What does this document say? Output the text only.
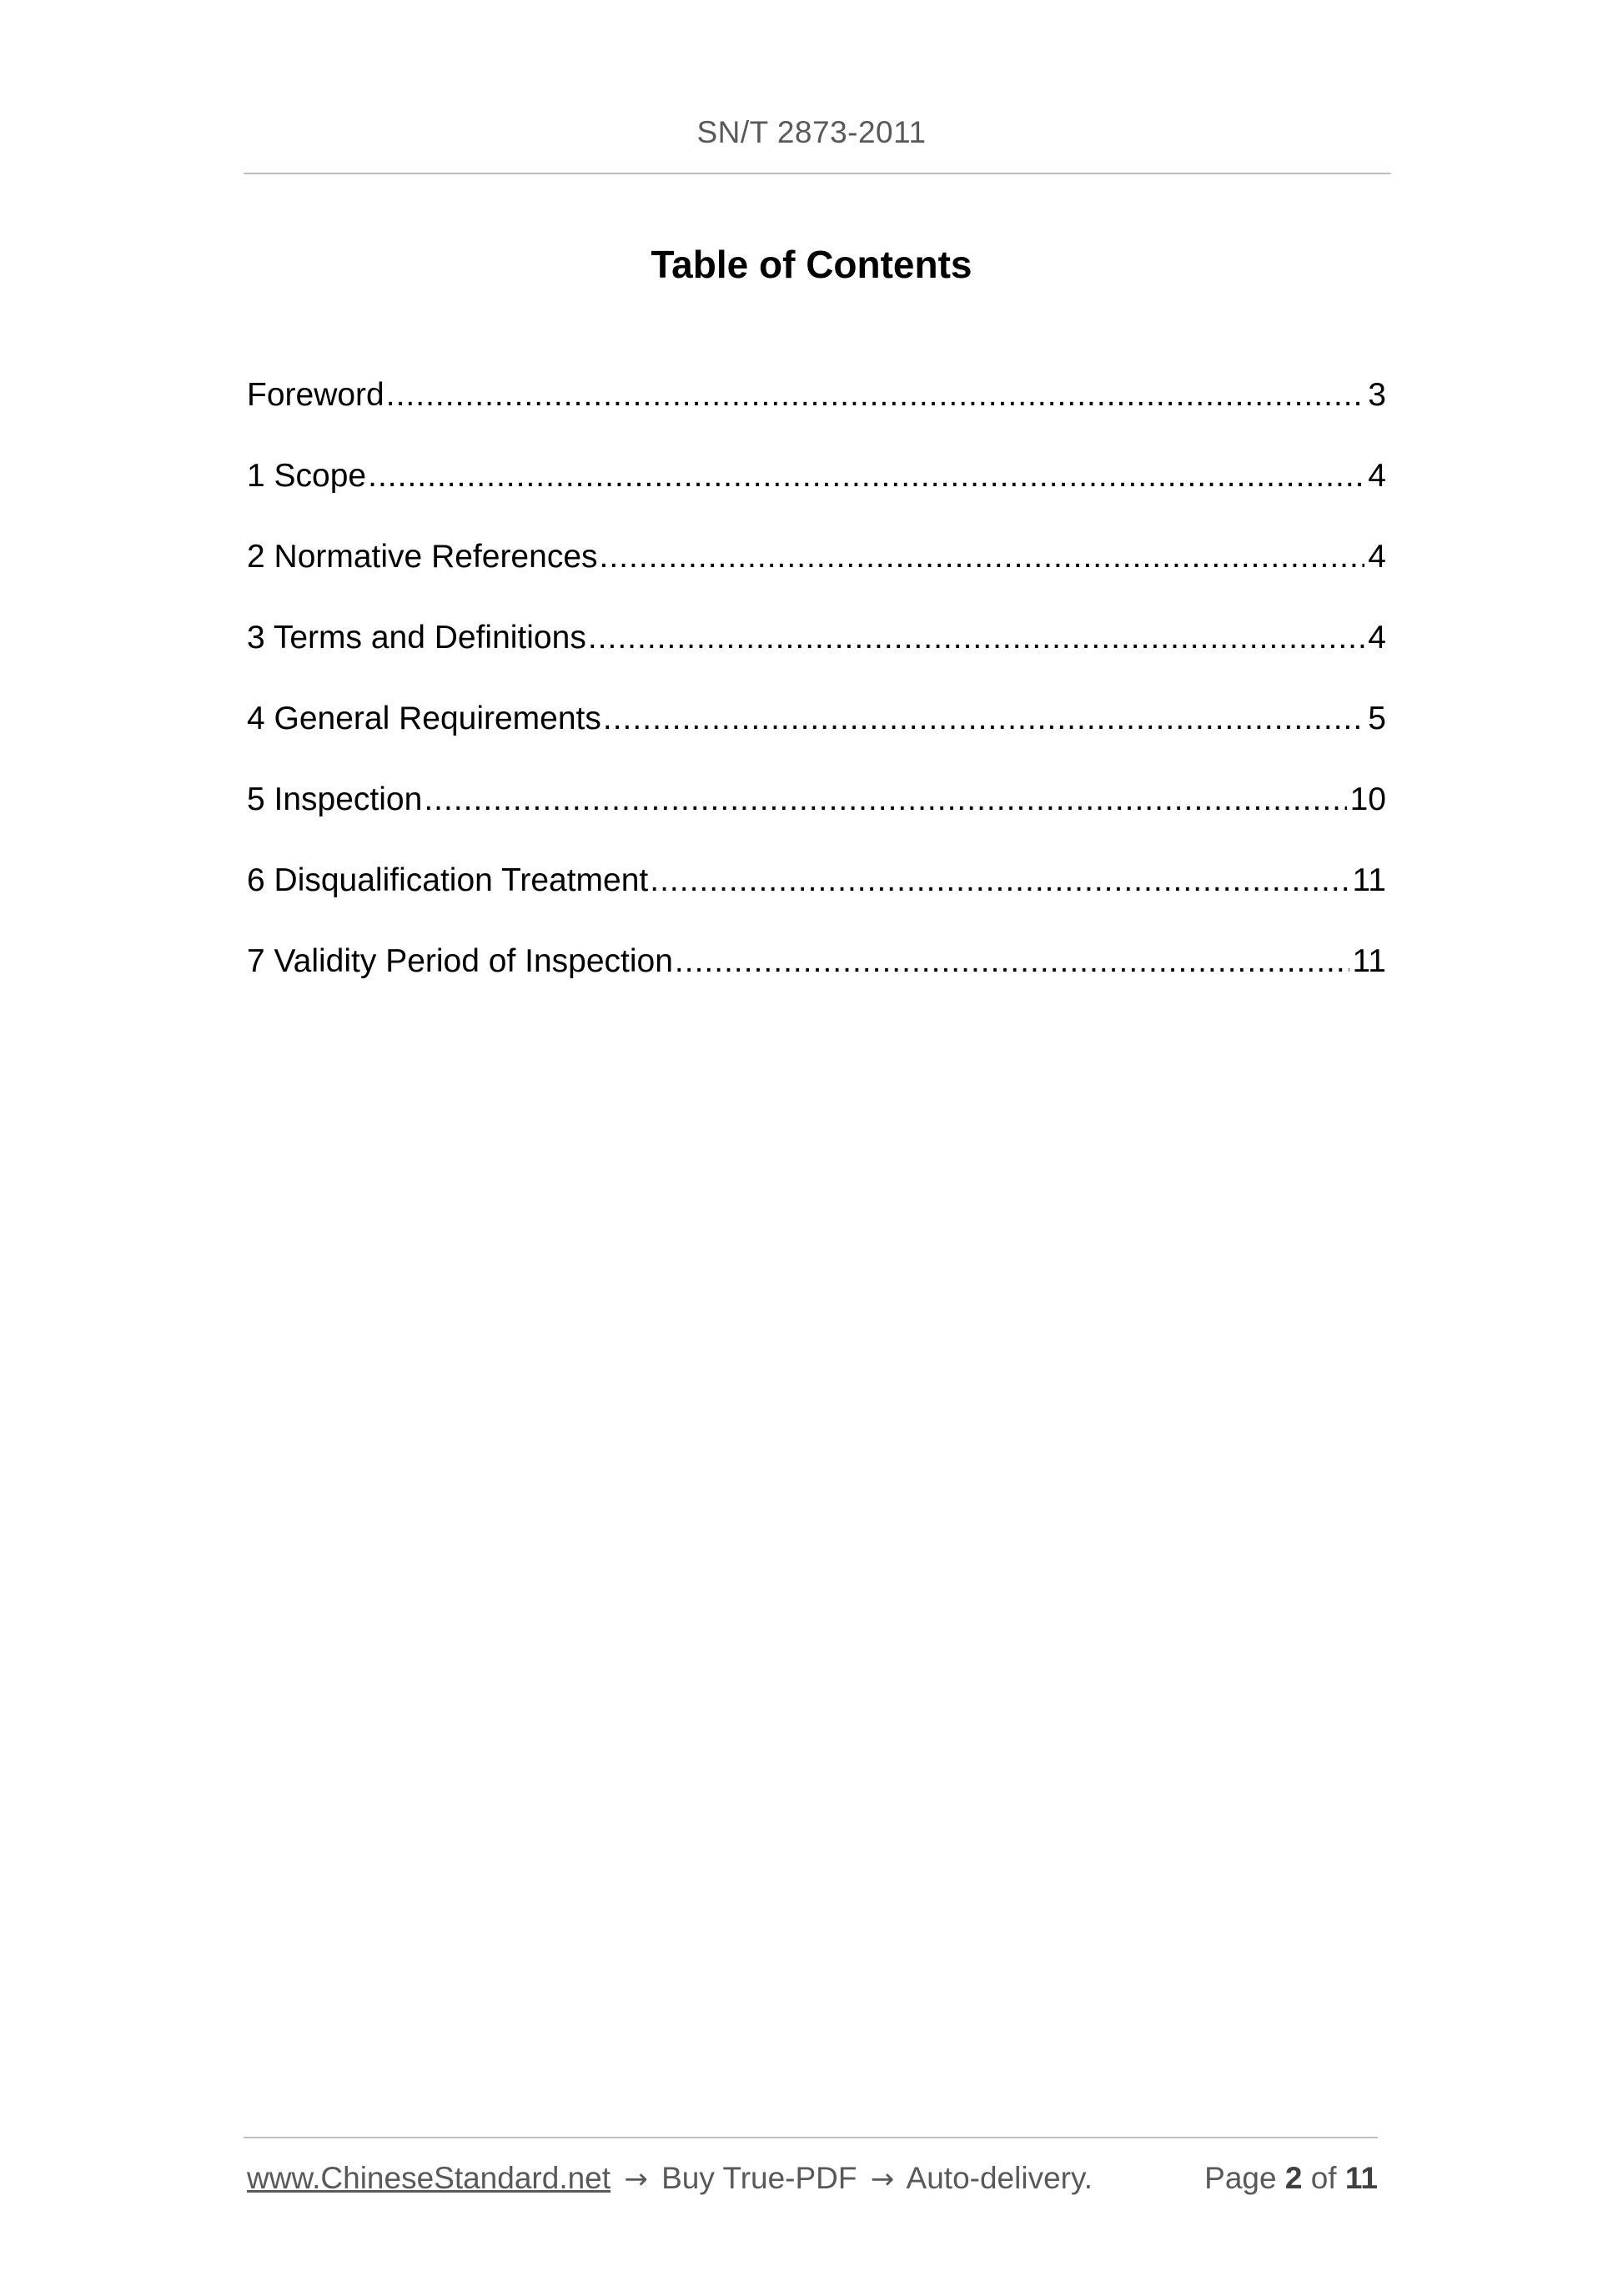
SN/T 2873-2011
Table of Contents
Foreword .....	3
1 Scope .....	4
2 Normative References .....	4
3 Terms and Definitions .....	4
4 General Requirements .....	5
5 Inspection .....	10
6 Disqualification Treatment .....	11
7 Validity Period of Inspection .....	11
www.ChineseStandard.net → Buy True-PDF → Auto-delivery.	Page 2 of 11
